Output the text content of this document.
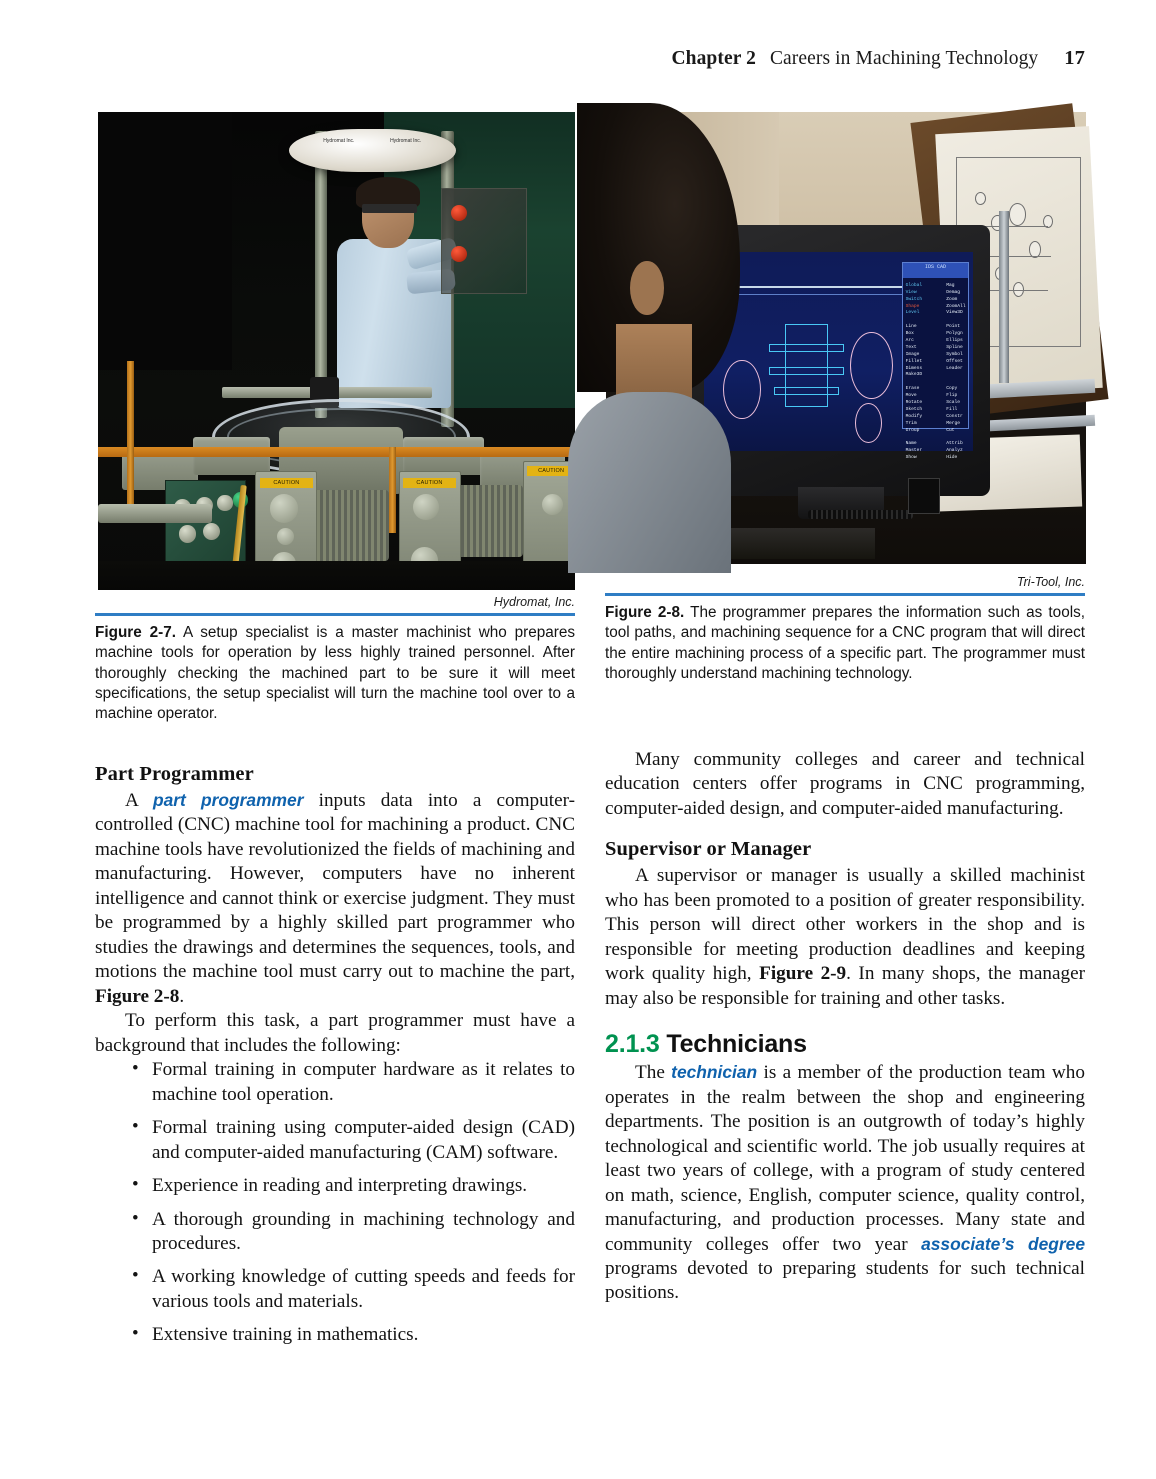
Chapter 2 Careers in Machining Technology 17
Hydromat Inc.	Hydromat Inc.
CAUTION	CAUTION
CAUTION

IDS CAD
Global
View
Switch
Shape
Level

Line
Box
Arc
Text
Image
Fillet
Dimens
Make3D

Erase
Move
Rotate
Sketch
Modify
Trim
Group

Name
Master
Show
Mag
Demag
Zoom
ZoomAll
View3D

Point
Polygn
Ellips
Spline
Symbol
Offset
Leader

Copy
Flip
Scale
Fill
Constr
Merge
Cut

Attrib
Analyz
Hide
Hydromat, Inc.
Figure 2-7. A setup specialist is a master machinist who prepares machine tools for operation by less highly trained personnel. After thoroughly checking the machined part to be sure it will meet specifications, the setup specialist will turn the machine tool over to a machine operator.
Part Programmer

A part programmer inputs data into a computer-controlled (CNC) machine tool for machining a product. CNC machine tools have revolutionized the fields of machining and manufacturing. However, computers have no inherent intelligence and cannot think or exercise judgment. They must be programmed by a highly skilled part programmer who studies the drawings and determines the sequences, tools, and motions the machine tool must carry out to machine the part, Figure 2-8.

To perform this task, a part programmer must have a background that includes the following:

• Formal training in computer hardware as it relates to machine tool operation.
• Formal training using computer-aided design (CAD) and computer-aided manufacturing (CAM) software.
• Experience in reading and interpreting drawings.
• A thorough grounding in machining technology and procedures.
• A working knowledge of cutting speeds and feeds for various tools and materials.
• Extensive training in mathematics.
Tri-Tool, Inc.
Figure 2-8. The programmer prepares the information such as tools, tool paths, and machining sequence for a CNC program that will direct the entire machining process of a specific part. The programmer must thoroughly understand machining technology.

Many community colleges and career and technical education centers offer programs in CNC programming, computer-aided design, and computer-aided manufacturing.

Supervisor or Manager

A supervisor or manager is usually a skilled machinist who has been promoted to a position of greater responsibility. This person will direct other workers in the shop and is responsible for meeting production deadlines and keeping work quality high, Figure 2-9. In many shops, the manager may also be responsible for training and other tasks.

2.1.3 Technicians

The technician is a member of the production team who operates in the realm between the shop and engineering departments. The position is an outgrowth of today’s highly technological and scientific world. The job usually requires at least two years of college, with a program of study centered on math, science, English, computer science, quality control, manufacturing, and production processes. Many state and community colleges offer two year associate’s degree programs devoted to preparing students for such technical positions.
